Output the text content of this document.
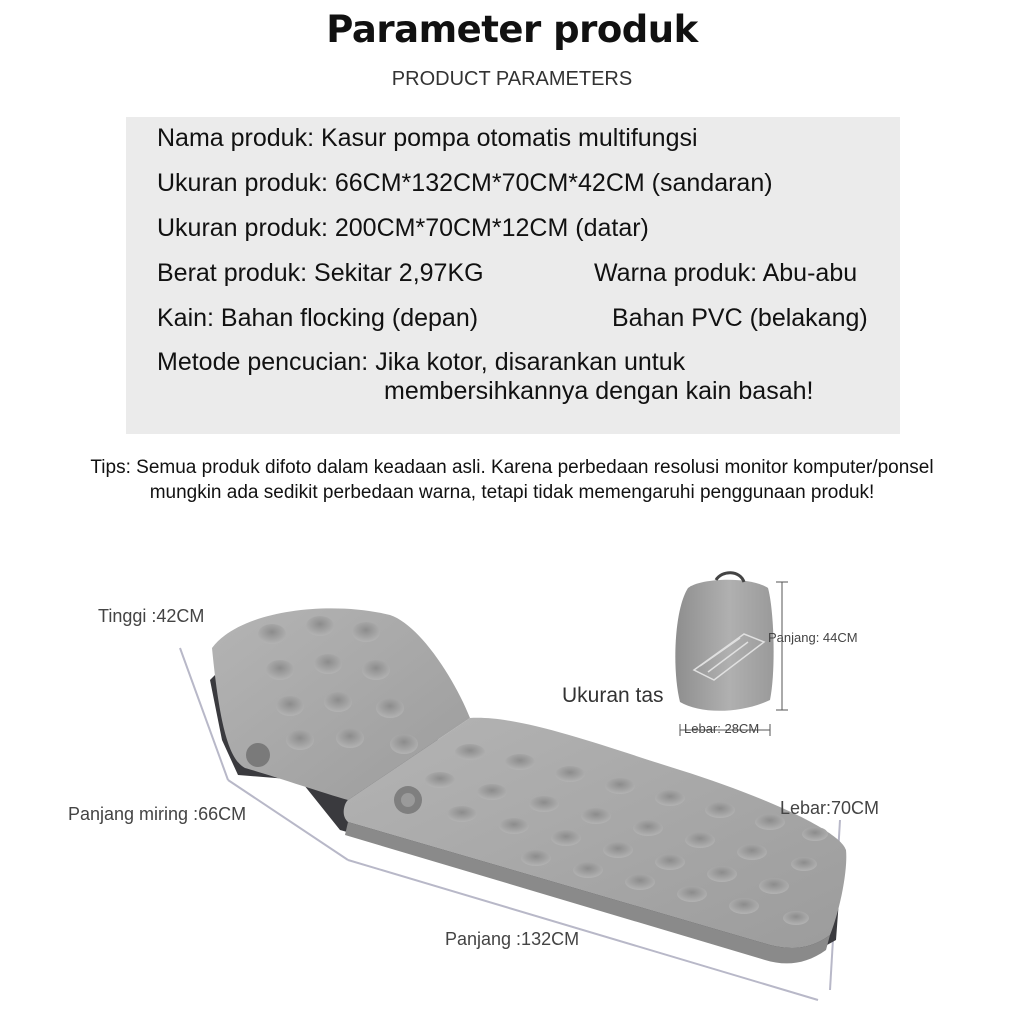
Parameter produk
PRODUCT PARAMETERS
Nama produk: Kasur pompa otomatis multifungsi
Ukuran produk: 66CM*132CM*70CM*42CM (sandaran)
Ukuran produk: 200CM*70CM*12CM (datar)
Berat produk: Sekitar 2,97KG	Warna produk: Abu-abu
Kain: Bahan flocking (depan)	Bahan PVC (belakang)
Metode pencucian: Jika kotor, disarankan untuk
membersihkannya dengan kain basah!
Tips: Semua produk difoto dalam keadaan asli. Karena perbedaan resolusi monitor komputer/ponsel
mungkin ada sedikit perbedaan warna, tetapi tidak memengaruhi penggunaan produk!
Tinggi :42CM
Panjang miring :66CM	Lebar:70CM
Panjang :132CM
Ukuran tas
Panjang: 44CM
Lebar: 28CM
